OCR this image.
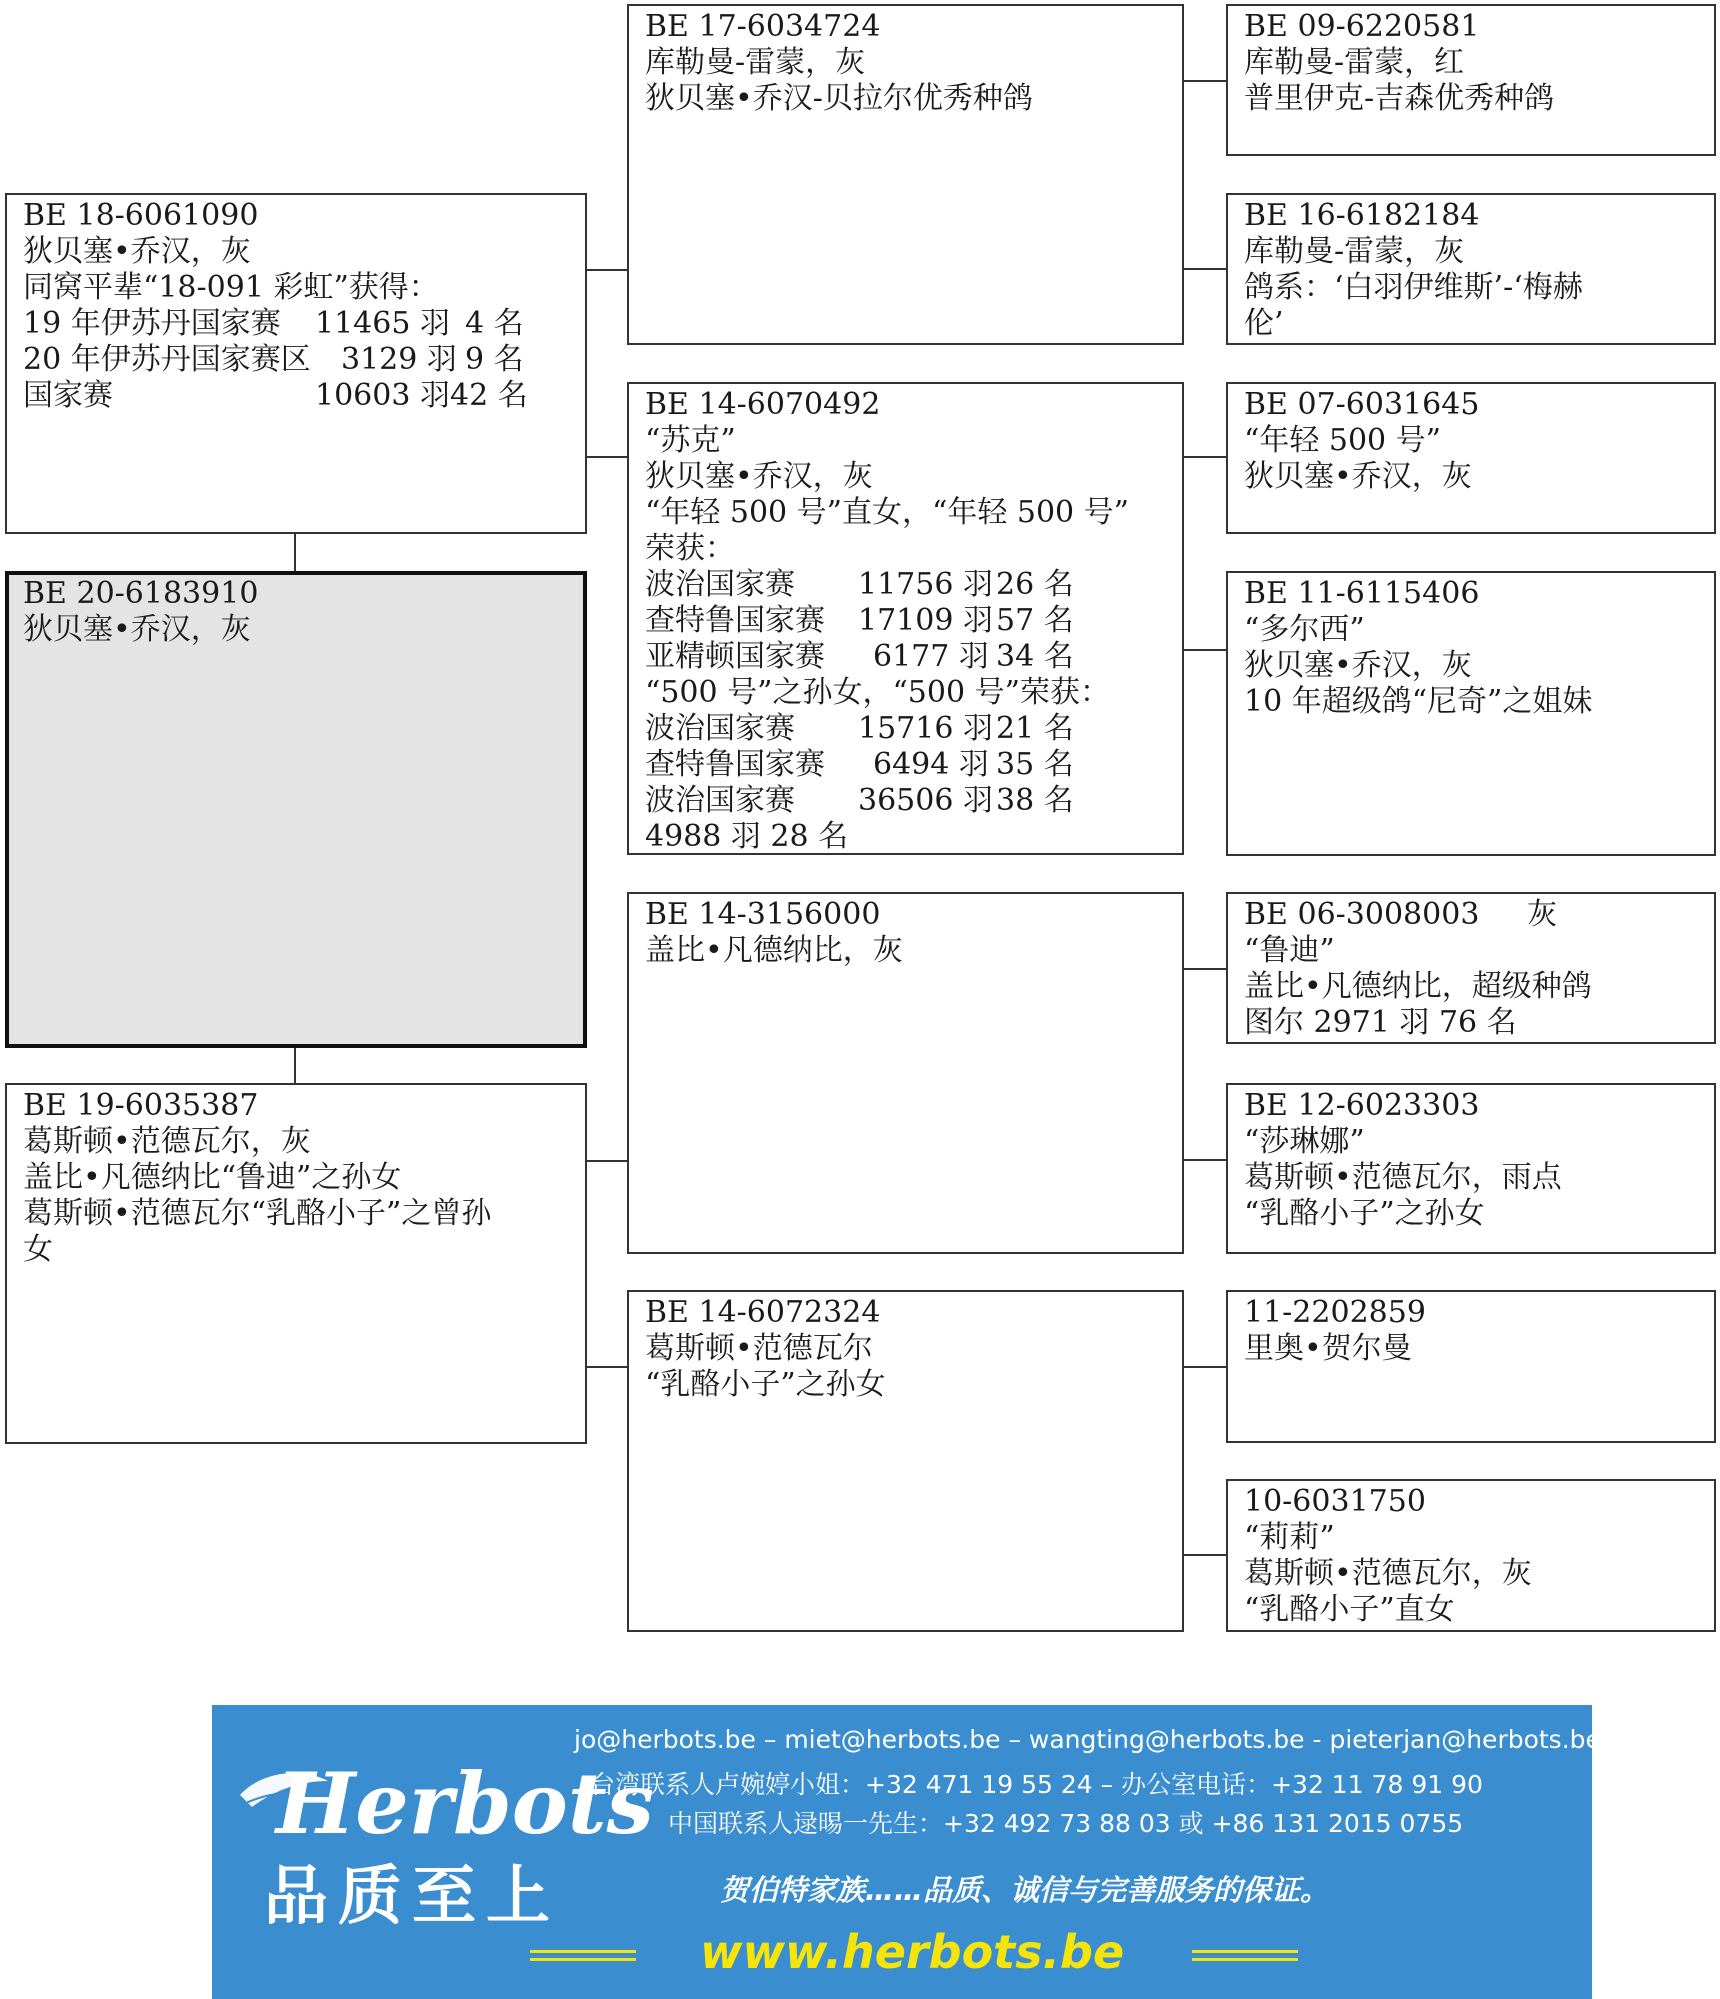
BE 20-6183910
狄贝塞•乔汉，灰
BE 18-6061090
狄贝塞•乔汉，灰
同窝平辈“18-091 彩虹”获得：
19 年伊苏丹国家赛	11465 羽 4 名
20 年伊苏丹国家赛区	3129 羽 9 名
国家赛	10603 羽 42 名
BE 19-6035387
葛斯顿•范德瓦尔，灰
盖比•凡德纳比“鲁迪”之孙女
葛斯顿•范德瓦尔“乳酪小子”之曾孙
女
BE 17-6034724
库勒曼-雷蒙，灰
狄贝塞•乔汉-贝拉尔优秀种鸽
BE 14-6070492
“苏克”
狄贝塞•乔汉，灰
“年轻 500 号”直女，“年轻 500 号”
荣获：
波治国家赛	11756 羽 26 名
查特鲁国家赛	17109 羽 57 名
亚精顿国家赛	6177 羽 34 名
“500 号”之孙女，“500 号”荣获：
波治国家赛	15716 羽 21 名
查特鲁国家赛	6494 羽 35 名
波治国家赛	36506 羽 38 名
4988 羽 28 名
BE 14-3156000
盖比•凡德纳比，灰
BE 14-6072324
葛斯顿•范德瓦尔
“乳酪小子”之孙女
BE 09-6220581
库勒曼-雷蒙，红
普里伊克-吉森优秀种鸽
BE 16-6182184
库勒曼-雷蒙，灰
鸽系：‘白羽伊维斯’-‘梅赫
伦’
BE 07-6031645
“年轻 500 号”
狄贝塞•乔汉，灰
BE 11-6115406
“多尔西”
狄贝塞•乔汉，灰
10 年超级鸽“尼奇”之姐妹
BE 06-3008003     灰
“鲁迪”
盖比•凡德纳比，超级种鸽
图尔 2971 羽 76 名
BE 12-6023303
“莎琳娜”
葛斯顿•范德瓦尔，雨点
“乳酪小子”之孙女
11-2202859
里奥•贺尔曼
10-6031750
“莉莉”
葛斯顿•范德瓦尔，灰
“乳酪小子”直女
Herbots
品质至上
jo@herbots.be – miet@herbots.be – wangting@herbots.be - pieterjan@herbots.be
台湾联系人卢婉婷小姐：+32 471 19 55 24 – 办公室电话：+32 11 78 91 90
中国联系人逯晹一先生：+32 492 73 88 03 或 +86 131 2015 0755
贺伯特家族……品质、诚信与完善服务的保证。
www.herbots.be
